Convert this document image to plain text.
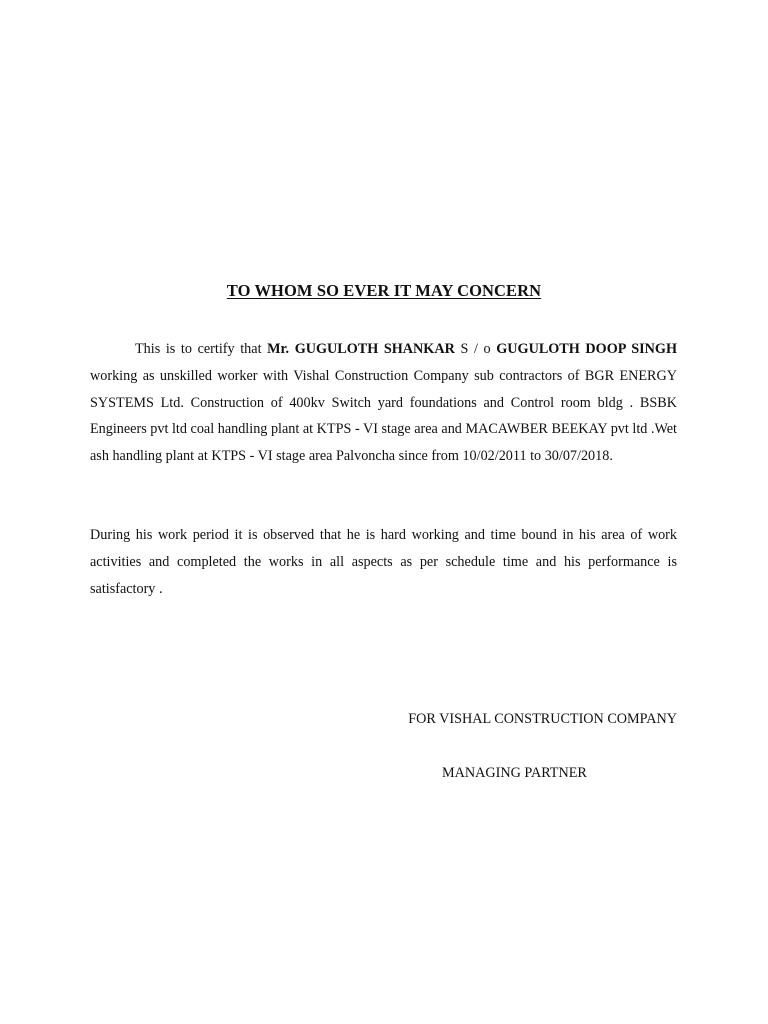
TO WHOM SO EVER IT MAY CONCERN

This is to certify that Mr. GUGULOTH SHANKAR S / o GUGULOTH DOOP SINGH working as unskilled worker with Vishal Construction Company sub contractors of BGR ENERGY SYSTEMS Ltd. Construction of 400kv Switch yard foundations and Control room bldg . BSBK Engineers pvt ltd coal handling plant at KTPS - VI stage area and MACAWBER BEEKAY pvt ltd .Wet ash handling plant at KTPS - VI stage area Palvoncha since from 10/02/2011 to 30/07/2018.

During his work period it is observed that he is hard working and time bound in his area of work activities and completed the works in all aspects as per schedule time and his performance is satisfactory .

FOR VISHAL CONSTRUCTION COMPANY
MANAGING PARTNER
